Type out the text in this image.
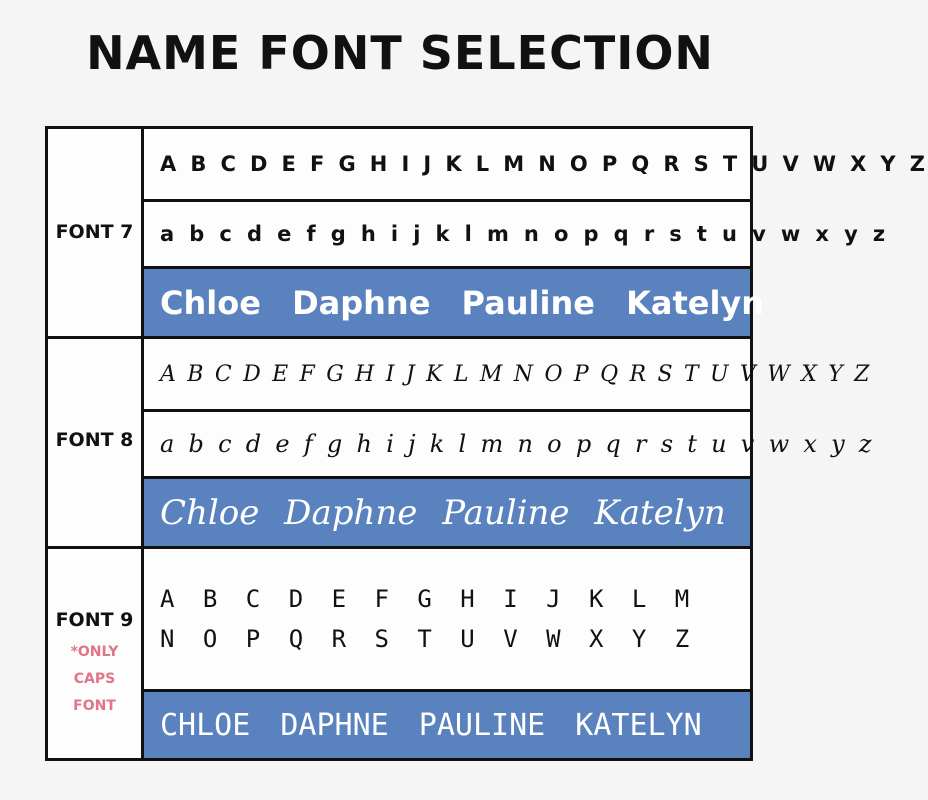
NAME FONT SELECTION
FONT 7
FONT 8
FONT 9
*ONLY
CAPS
FONT
A B C D E F G H I J K L M N O P Q R S T U V W X Y Z
a b c d e f g h i j k l m n o p q r s t u v w x y z
Chloe Daphne Pauline Katelyn
A B C D E F G H I J K L M N O P Q R S T U V W X Y Z
a b c d e f g h i j k l m n o p q r s t u v w x y z
Chloe Daphne Pauline Katelyn
A B C D E F G H I J K L M N O P Q R S T U V W X Y Z
CHLOE DAPHNE PAULINE KATELYN
